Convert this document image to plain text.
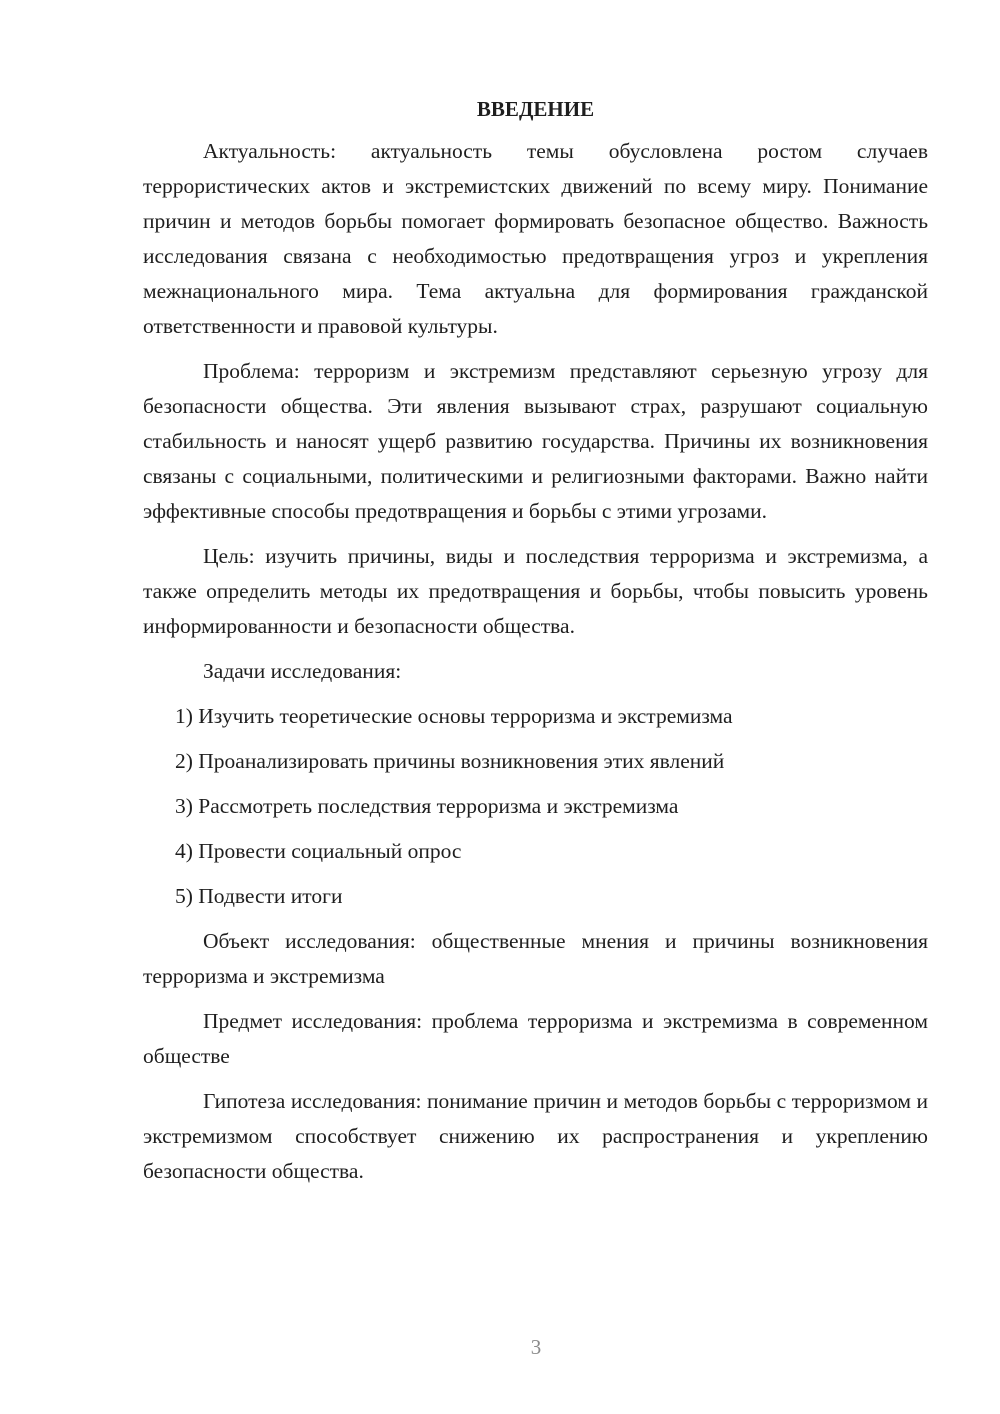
ВВЕДЕНИЕ

Актуальность: актуальность темы обусловлена ростом случаев террористических актов и экстремистских движений по всему миру. Понимание причин и методов борьбы помогает формировать безопасное общество. Важность исследования связана с необходимостью предотвращения угроз и укрепления межнационального мира. Тема актуальна для формирования гражданской ответственности и правовой культуры.

Проблема: терроризм и экстремизм представляют серьезную угрозу для безопасности общества. Эти явления вызывают страх, разрушают социальную стабильность и наносят ущерб развитию государства. Причины их возникновения связаны с социальными, политическими и религиозными факторами. Важно найти эффективные способы предотвращения и борьбы с этими угрозами.

Цель: изучить причины, виды и последствия терроризма и экстремизма, а также определить методы их предотвращения и борьбы, чтобы повысить уровень информированности и безопасности общества.

Задачи исследования:

1) Изучить теоретические основы терроризма и экстремизма
2) Проанализировать причины возникновения этих явлений
3) Рассмотреть последствия терроризма и экстремизма
4) Провести социальный опрос
5) Подвести итоги

Объект исследования: общественные мнения и причины возникновения терроризма и экстремизма

Предмет исследования: проблема терроризма и экстремизма в современном обществе

Гипотеза исследования: понимание причин и методов борьбы с терроризмом и экстремизмом способствует снижению их распространения и укреплению безопасности общества.

3
